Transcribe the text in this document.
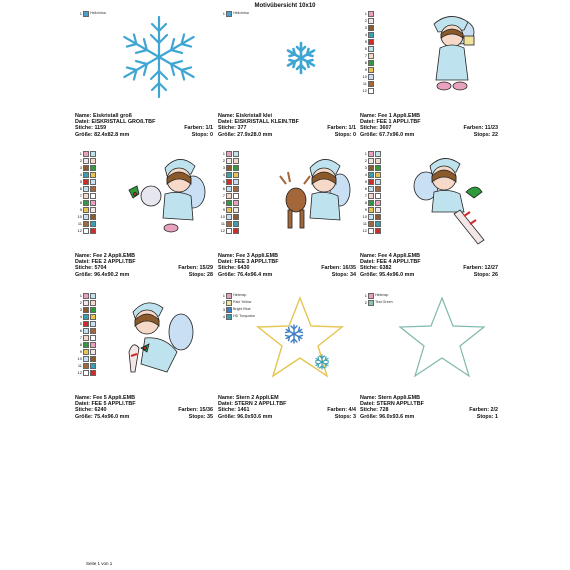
Motivübersicht 10x10
1 Helichrisa
Name: Eiskristall groß
Datei: EISKRISTALL GROß.TBF
Stiche: 1159	Farben: 1/1
Größe: 82.4x82.8 mm	Stops: 0
1 Helichrisa
Name: Eiskristall klei
Datei: EISKRISTALL KLEIN.TBF
Stiche: 377	Farben: 1/1
Größe: 27.9x28.0 mm	Stops: 0
1
2
3
4
5
6
7
8
9
10
11
12
Name: Fee 1 Appli.EMB
Datei: FEE 1 APPLI.TBF
Stiche: 3607	Farben: 11/23
Größe: 67.7x96.0 mm	Stops: 22
1
2
3
4
5
6
7
8
9
10
11
12
Name: Fee 2 Appli.EMB
Datei: FEE 2 APPLI.TBF
Stiche: 5704	Farben: 15/29
Größe: 96.4x90.2 mm	Stops: 28
1
2
3
4
5
6
7
8
9
10
11
12
Name: Fee 3 Appli.EMB
Datei: FEE 3 APPLI.TBF
Stiche: 6430	Farben: 16/35
Größe: 76.4x96.4 mm	Stops: 34
1
2
3
4
5
6
7
8
9
10
11
12
Name: Fee 4 Appli.EMB
Datei: FEE 4 APPLI.TBF
Stiche: 6382	Farben: 12/27
Größe: 95.4x96.0 mm	Stops: 26
1
2
3
4
5
6
7
8
9
10
11
12
Name: Fee 5 Appli.EMB
Datei: FEE 5 APPLI.TBF
Stiche: 6240	Farben: 15/36
Größe: 75.4x96.0 mm	Stops: 35
1 Hintmap
2 Pale Yellow
3 Bright Blue
4 HD Turquoise
Name: Stern 2 Appli.EM
Datei: STERN 2 APPLI.TBF
Stiche: 1461	Farben: 4/4
Größe: 96.0x93.6 mm	Stops: 3
1 Hintmap
2 Teal Green
Name: Stern Appli.EMB
Datei: STERN APPLI.TBF
Stiche: 728	Farben: 2/2
Größe: 96.0x93.6 mm	Stops: 1
Seite 1 von 1
